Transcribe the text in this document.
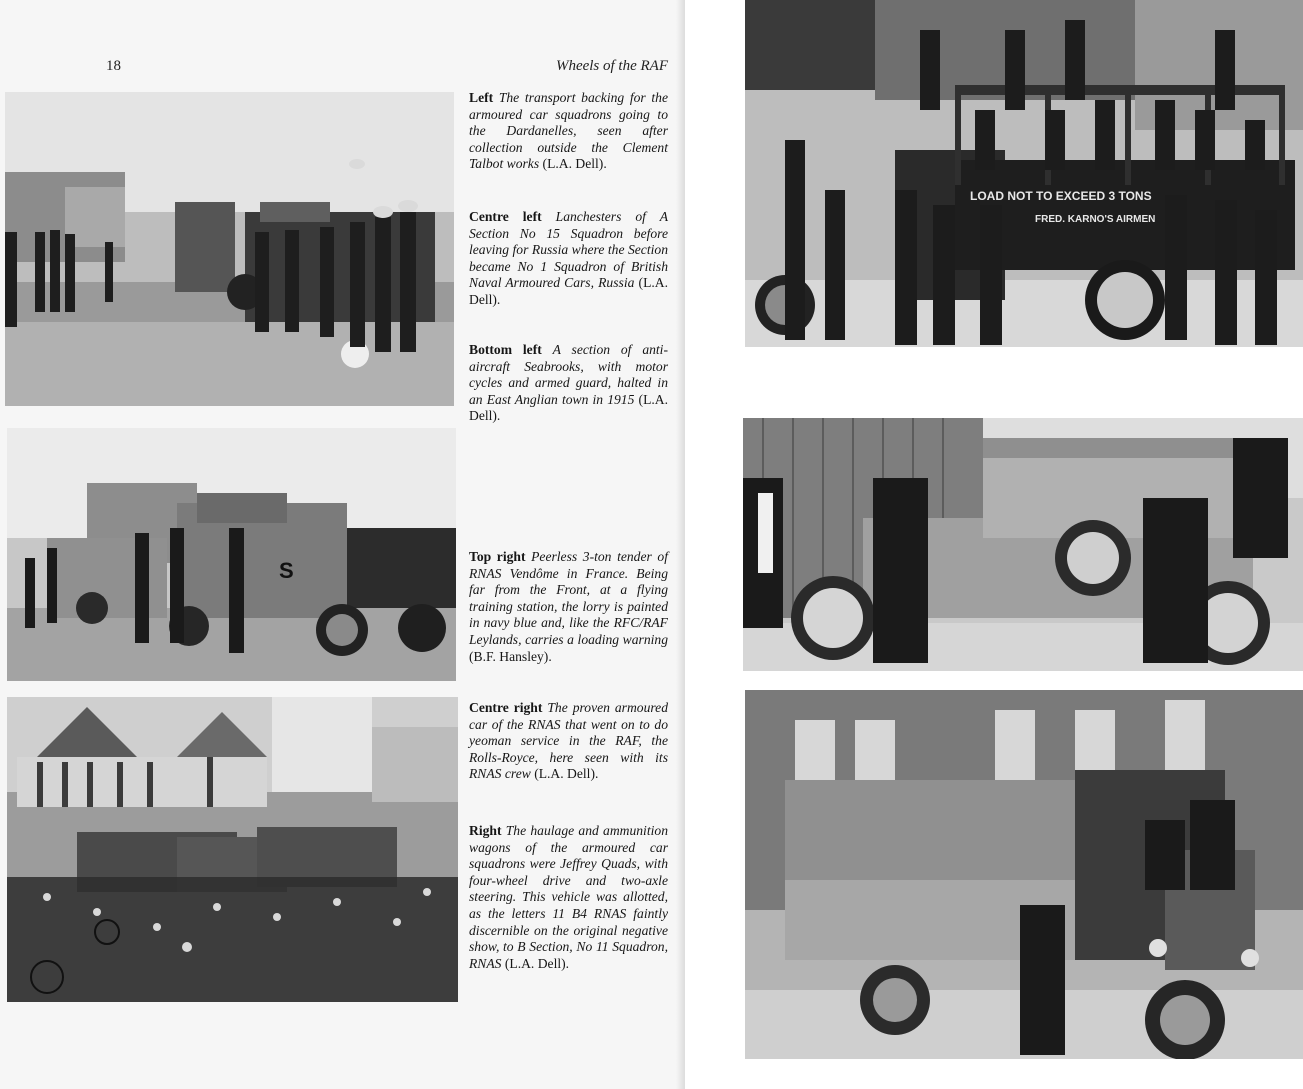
18	Wheels of the RAF
S

Left The transport backing for the armoured car squadrons going to the Dardanelles, seen after collection outside the Clement Talbot works (L.A. Dell).

Centre left Lanchesters of A Section No 15 Squadron before leaving for Russia where the Section became No 1 Squadron of British Naval Armoured Cars, Russia (L.A. Dell).

Bottom left A section of anti-aircraft Seabrooks, with motor cycles and armed guard, halted in an East Anglian town in 1915 (L.A. Dell).

Top right Peerless 3-ton tender of RNAS Vendôme in France. Being far from the Front, at a flying training station, the lorry is painted in navy blue and, like the RFC/RAF Leylands, carries a loading warning (B.F. Hansley).

Centre right The proven armoured car of the RNAS that went on to do yeoman service in the RAF, the Rolls-Royce, here seen with its RNAS crew (L.A. Dell).

Right The haulage and ammunition wagons of the armoured car squadrons were Jeffrey Quads, with four-wheel drive and two-axle steering. This vehicle was allotted, as the letters 11 B4 RNAS faintly discernible on the original negative show, to B Section, No 11 Squadron, RNAS (L.A. Dell).

LOAD NOT TO EXCEED 3 TONS
FRED. KARNO'S AIRMEN
